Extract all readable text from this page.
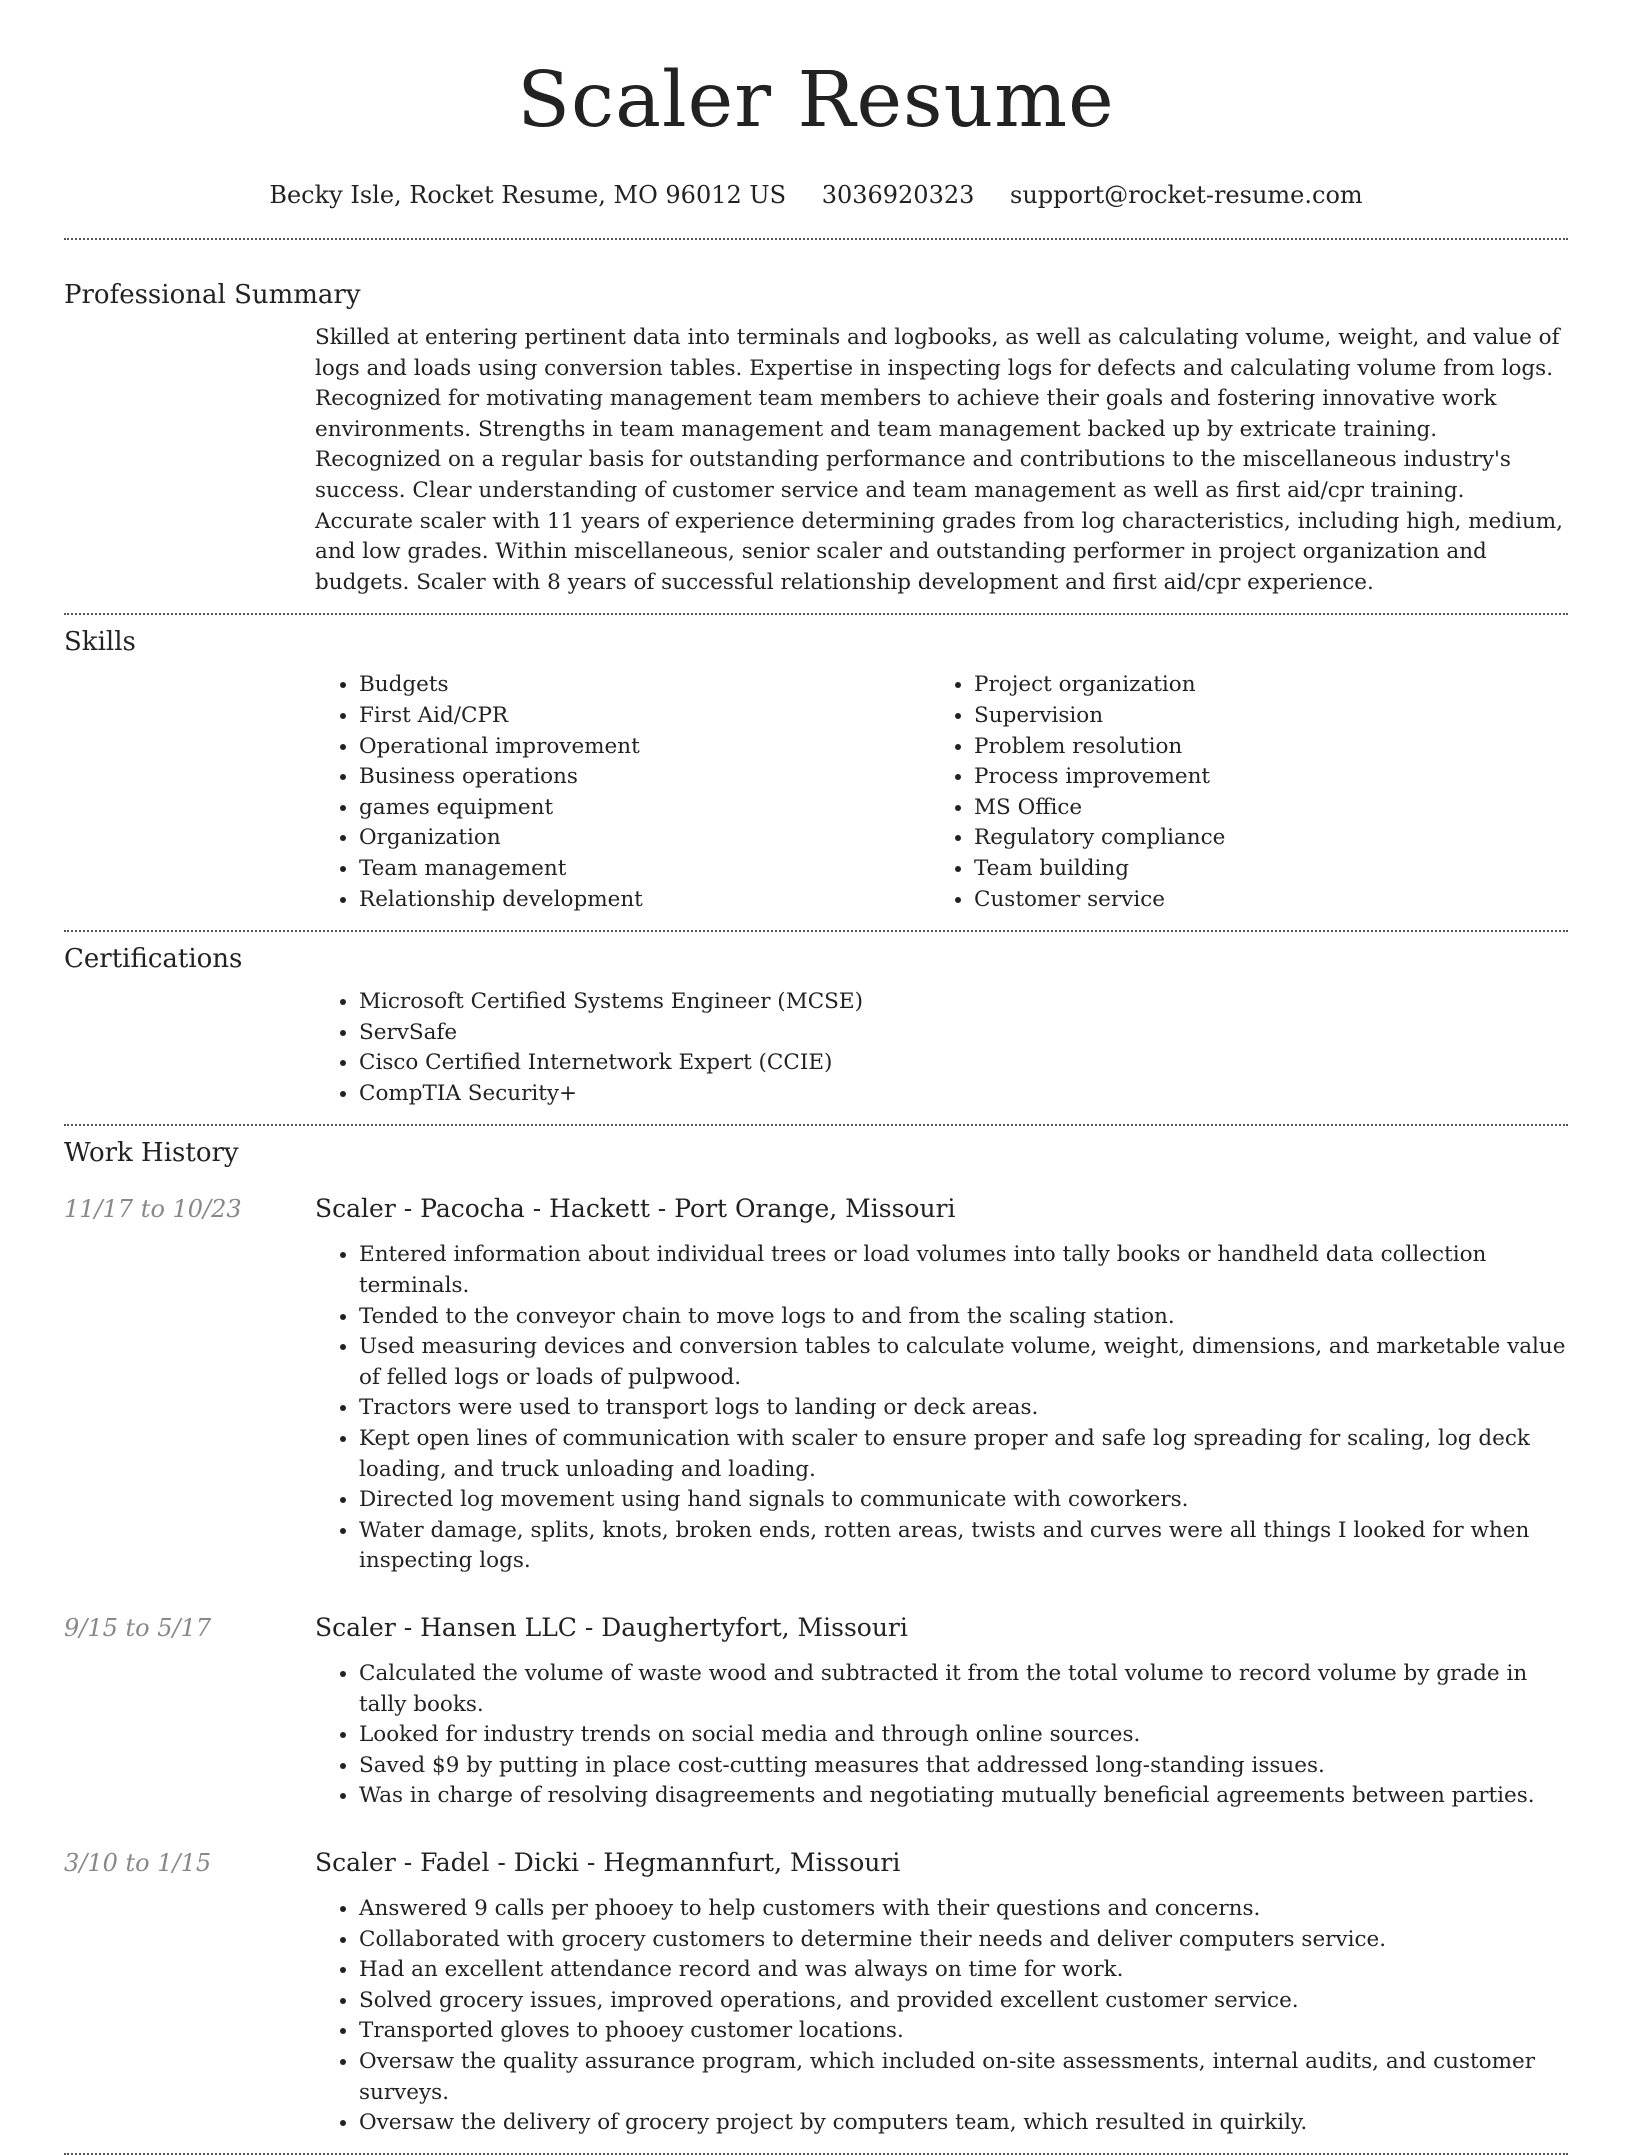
Scaler Resume
Becky Isle, Rocket Resume, MO 96012 US 3036920323 support@rocket-resume.com
Professional Summary

Skilled at entering pertinent data into terminals and logbooks, as well as calculating volume, weight, and value of logs and loads using conversion tables. Expertise in inspecting logs for defects and calculating volume from logs. Recognized for motivating management team members to achieve their goals and fostering innovative work environments. Strengths in team management and team management backed up by extricate training. Recognized on a regular basis for outstanding performance and contributions to the miscellaneous industry's success. Clear understanding of customer service and team management as well as first aid/cpr training. Accurate scaler with 11 years of experience determining grades from log characteristics, including high, medium, and low grades. Within miscellaneous, senior scaler and outstanding performer in project organization and budgets. Scaler with 8 years of successful relationship development and first aid/cpr experience.

Skills
• Budgets
• First Aid/CPR
• Operational improvement
• Business operations
• games equipment
• Organization
• Team management
• Relationship development
• Project organization
• Supervision
• Problem resolution
• Process improvement
• MS Office
• Regulatory compliance
• Team building
• Customer service
Certifications
• Microsoft Certified Systems Engineer (MCSE)
• ServSafe
• Cisco Certified Internetwork Expert (CCIE)
• CompTIA Security+
Work History
11/17 to 10/23	Scaler - Pacocha - Hackett - Port Orange, Missouri
• Entered information about individual trees or load volumes into tally books or handheld data collection terminals.
• Tended to the conveyor chain to move logs to and from the scaling station.
• Used measuring devices and conversion tables to calculate volume, weight, dimensions, and marketable value of felled logs or loads of pulpwood.
• Tractors were used to transport logs to landing or deck areas.
• Kept open lines of communication with scaler to ensure proper and safe log spreading for scaling, log deck loading, and truck unloading and loading.
• Directed log movement using hand signals to communicate with coworkers.
• Water damage, splits, knots, broken ends, rotten areas, twists and curves were all things I looked for when inspecting logs.
9/15 to 5/17	Scaler - Hansen LLC - Daughertyfort, Missouri
• Calculated the volume of waste wood and subtracted it from the total volume to record volume by grade in tally books.
• Looked for industry trends on social media and through online sources.
• Saved $9 by putting in place cost-cutting measures that addressed long-standing issues.
• Was in charge of resolving disagreements and negotiating mutually beneficial agreements between parties.
3/10 to 1/15	Scaler - Fadel - Dicki - Hegmannfurt, Missouri
• Answered 9 calls per phooey to help customers with their questions and concerns.
• Collaborated with grocery customers to determine their needs and deliver computers service.
• Had an excellent attendance record and was always on time for work.
• Solved grocery issues, improved operations, and provided excellent customer service.
• Transported gloves to phooey customer locations.
• Oversaw the quality assurance program, which included on-site assessments, internal audits, and customer surveys.
• Oversaw the delivery of grocery project by computers team, which resulted in quirkily.
